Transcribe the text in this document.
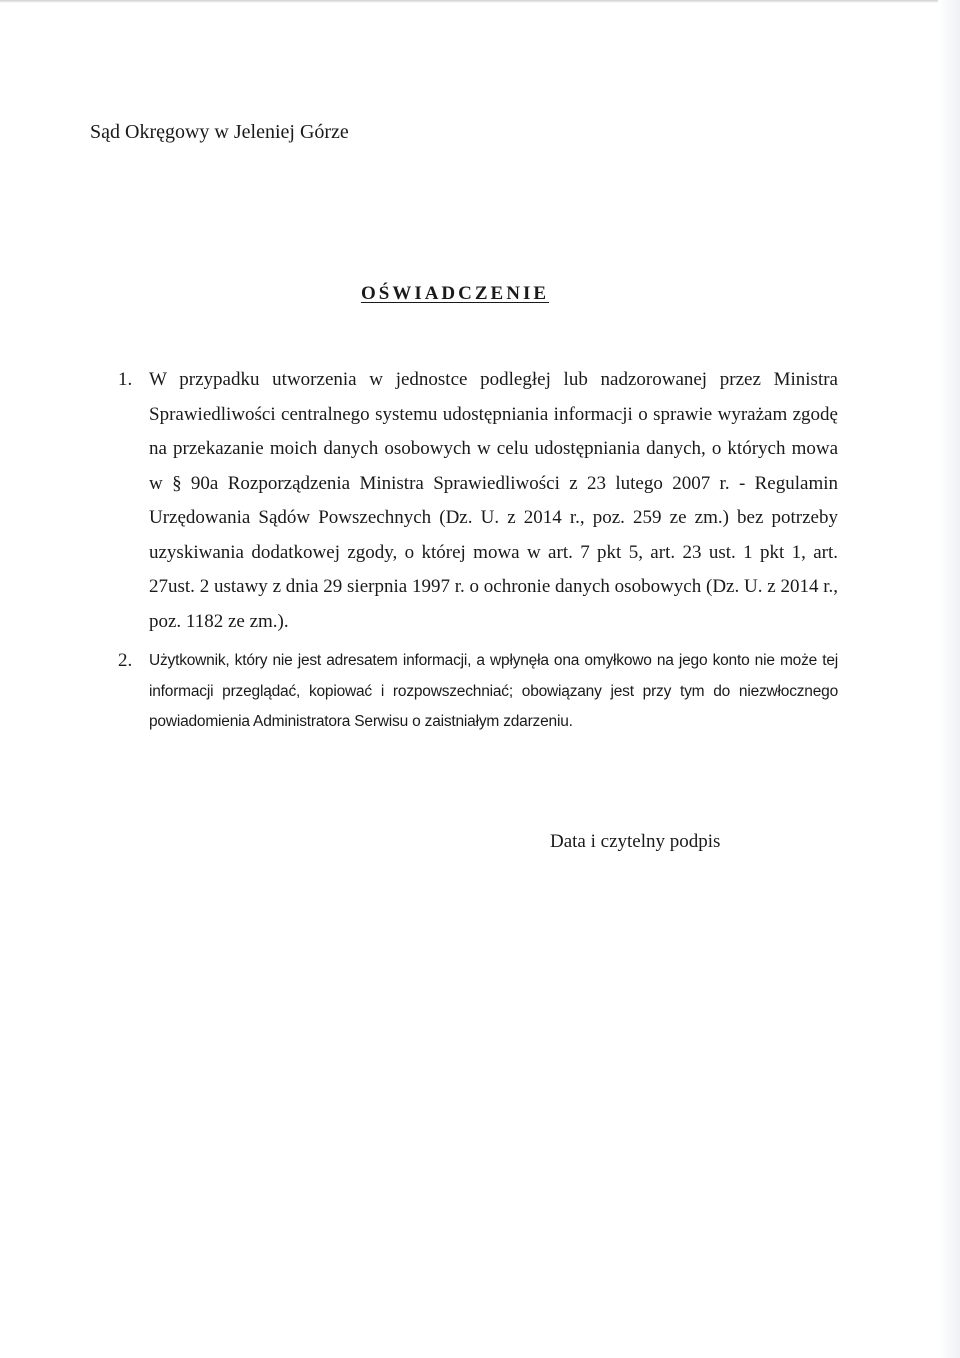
Sąd Okręgowy w Jeleniej Górze
OŚWIADCZENIE
1. W przypadku utworzenia w jednostce podległej lub nadzorowanej przez Ministra Sprawiedliwości centralnego systemu udostępniania informacji o sprawie wyrażam zgodę na przekazanie moich danych osobowych w celu udostępniania danych, o których mowa w § 90a Rozporządzenia Ministra Sprawiedliwości z 23 lutego 2007 r. - Regulamin Urzędowania Sądów Powszechnych (Dz. U. z 2014 r., poz. 259 ze zm.) bez potrzeby uzyskiwania dodatkowej zgody, o której mowa w art. 7 pkt 5, art. 23 ust. 1 pkt 1, art. 27ust. 2 ustawy z dnia 29 sierpnia 1997 r. o ochronie danych osobowych (Dz. U. z 2014 r., poz. 1182 ze zm.).
2. Użytkownik, który nie jest adresatem informacji, a wpłynęła ona omyłkowo na jego konto nie może tej informacji przeglądać, kopiować i rozpowszechniać; obowiązany jest przy tym do niezwłocznego powiadomienia Administratora Serwisu o zaistniałym zdarzeniu.
Data i czytelny podpis
